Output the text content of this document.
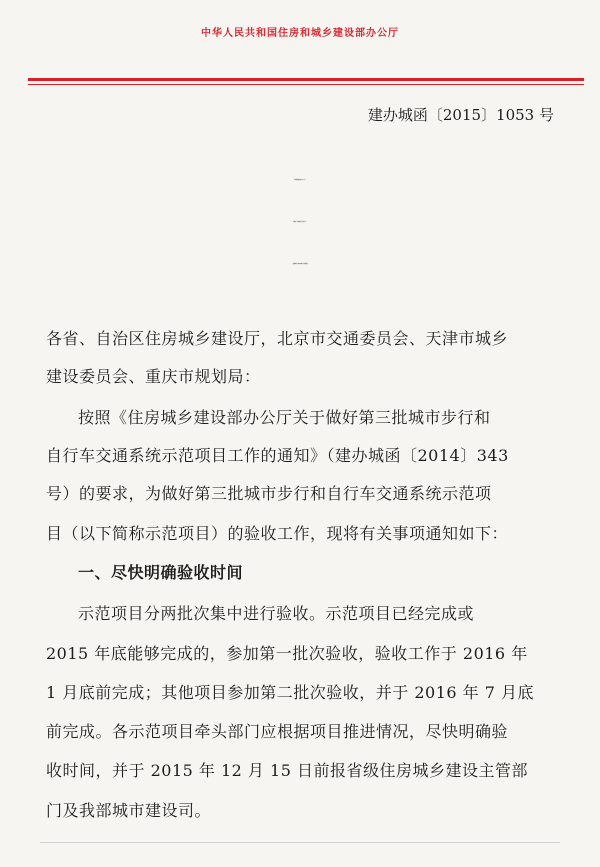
中华人民共和国住房和城乡建设部办公厅
建办城函〔2015〕1053 号
住房城乡建设部办公厅关于
做好第三批城市步行和自行车
交通系统示范项目验收工作的通知
各省、自治区住房城乡建设厅，北京市交通委员会、天津市城乡
建设委员会、重庆市规划局：
按照《住房城乡建设部办公厅关于做好第三批城市步行和
自行车交通系统示范项目工作的通知》（建办城函〔2014〕343
号）的要求，为做好第三批城市步行和自行车交通系统示范项
目（以下简称示范项目）的验收工作，现将有关事项通知如下：
一、尽快明确验收时间
示范项目分两批次集中进行验收。示范项目已经完成或
2015 年底能够完成的，参加第一批次验收，验收工作于 2016 年
1 月底前完成；其他项目参加第二批次验收，并于 2016 年 7 月底
前完成。各示范项目牵头部门应根据项目推进情况，尽快明确验
收时间，并于 2015 年 12 月 15 日前报省级住房城乡建设主管部
门及我部城市建设司。
